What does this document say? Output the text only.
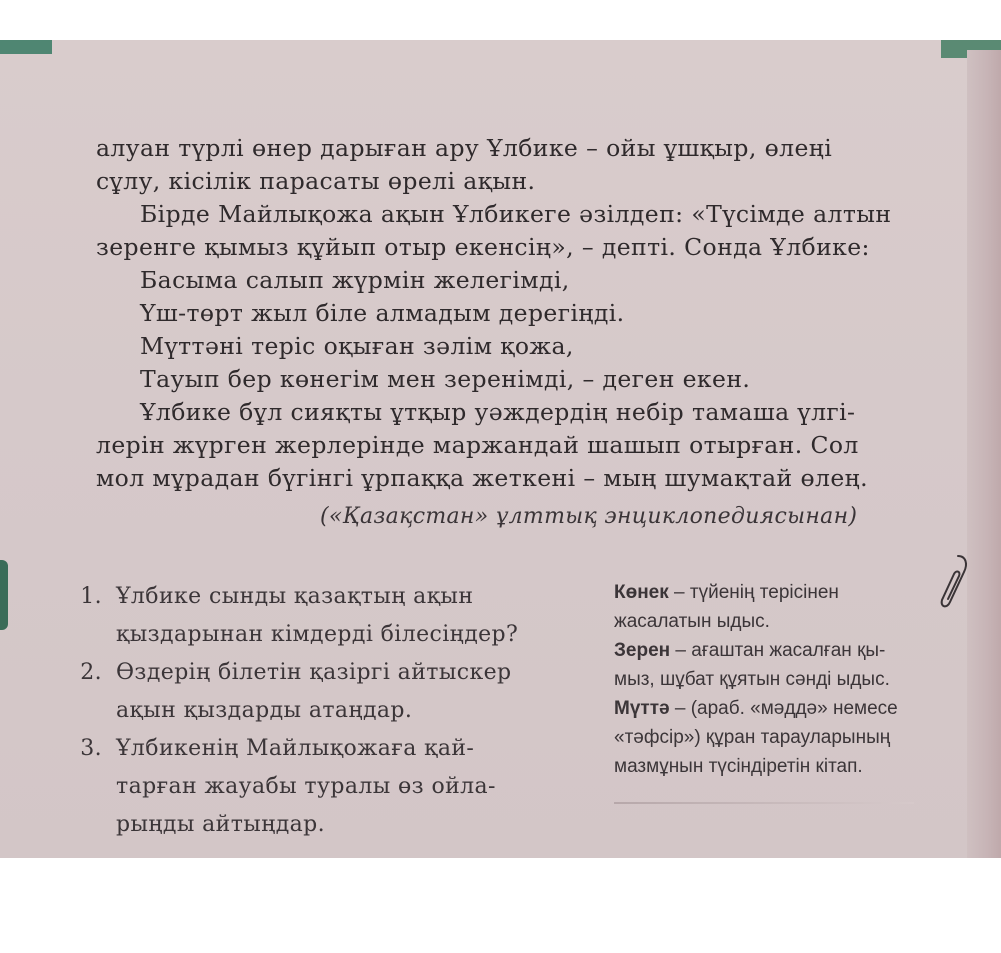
алуан түрлі өнер дарыған ару Ұлбике – ойы ұшқыр, өлеңі
сұлу, кісілік парасаты өрелі ақын.
Бірде Майлықожа ақын Ұлбикеге әзілдеп: «Түсімде алтын
зеренге қымыз құйып отыр екенсің», – депті. Сонда Ұлбике:
Басыма салып жүрмін желегімді,
Үш-төрт жыл біле алмадым дерегіңді.
Мүттәні теріс оқыған зәлім қожа,
Тауып бер көнегім мен зеренімді, – деген екен.
Ұлбике бұл сияқты ұтқыр уәждердің небір тамаша үлгі-
лерін жүрген жерлерінде маржандай шашып отырған. Сол
мол мұрадан бүгінгі ұрпаққа жеткені – мың шумақтай өлең.
(«Қазақстан» ұлттық энциклопедиясынан)
1. Ұлбике сынды қазақтың ақын
қыздарынан кімдерді білесіңдер?
2. Өздерің білетін қазіргі айтыскер
ақын қыздарды атаңдар.
3. Ұлбикенің Майлықожаға қай-
тарған жауабы туралы өз ойла-
рыңды айтыңдар.
Көнек – түйенің терісінен
жасалатын ыдыс.
Зерен – ағаштан жасалған қы-
мыз, шұбат құятын сәнді ыдыс.
Мүттә – (араб. «мәддә» немесе
«тәфсір») құран тарауларының
мазмұнын түсіндіретін кітап.
